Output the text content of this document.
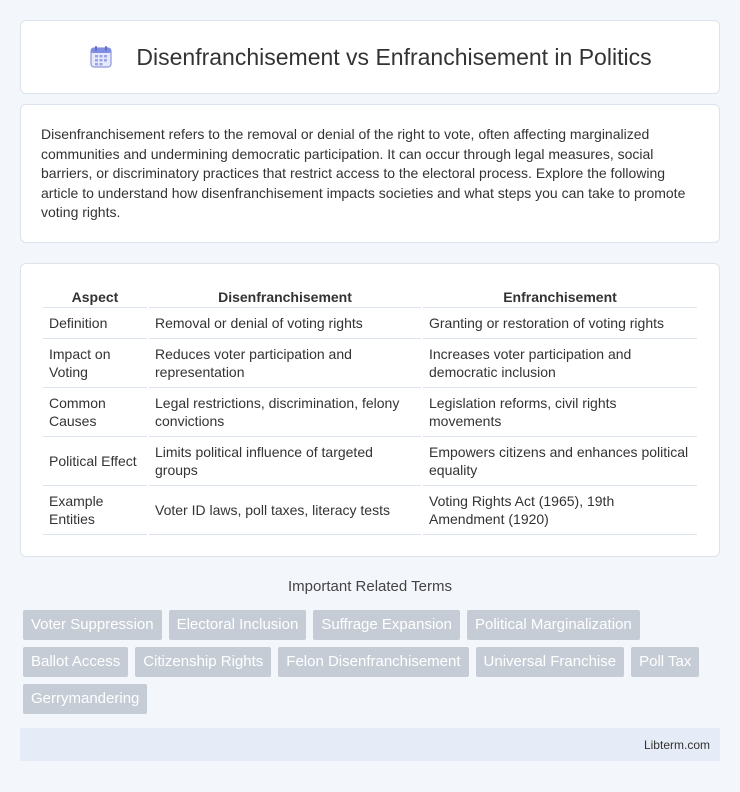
Disenfranchisement vs Enfranchisement in Politics

Disenfranchisement refers to the removal or denial of the right to vote, often affecting marginalized communities and undermining democratic participation. It can occur through legal measures, social barriers, or discriminatory practices that restrict access to the electoral process. Explore the following article to understand how disenfranchisement impacts societies and what steps you can take to promote voting rights.

Aspect	Disenfranchisement	Enfranchisement
Definition	Removal or denial of voting rights	Granting or restoration of voting rights
Impact on Voting	Reduces voter participation and representation	Increases voter participation and democratic inclusion
Common Causes	Legal restrictions, discrimination, felony convictions	Legislation reforms, civil rights movements
Political Effect	Limits political influence of targeted groups	Empowers citizens and enhances political equality
Example Entities	Voter ID laws, poll taxes, literacy tests	Voting Rights Act (1965), 19th Amendment (1920)
Important Related Terms
Voter Suppression	Electoral Inclusion	Suffrage Expansion	Political Marginalization
Ballot Access	Citizenship Rights	Felon Disenfranchisement	Universal Franchise	Poll Tax
Gerrymandering
Libterm.com
